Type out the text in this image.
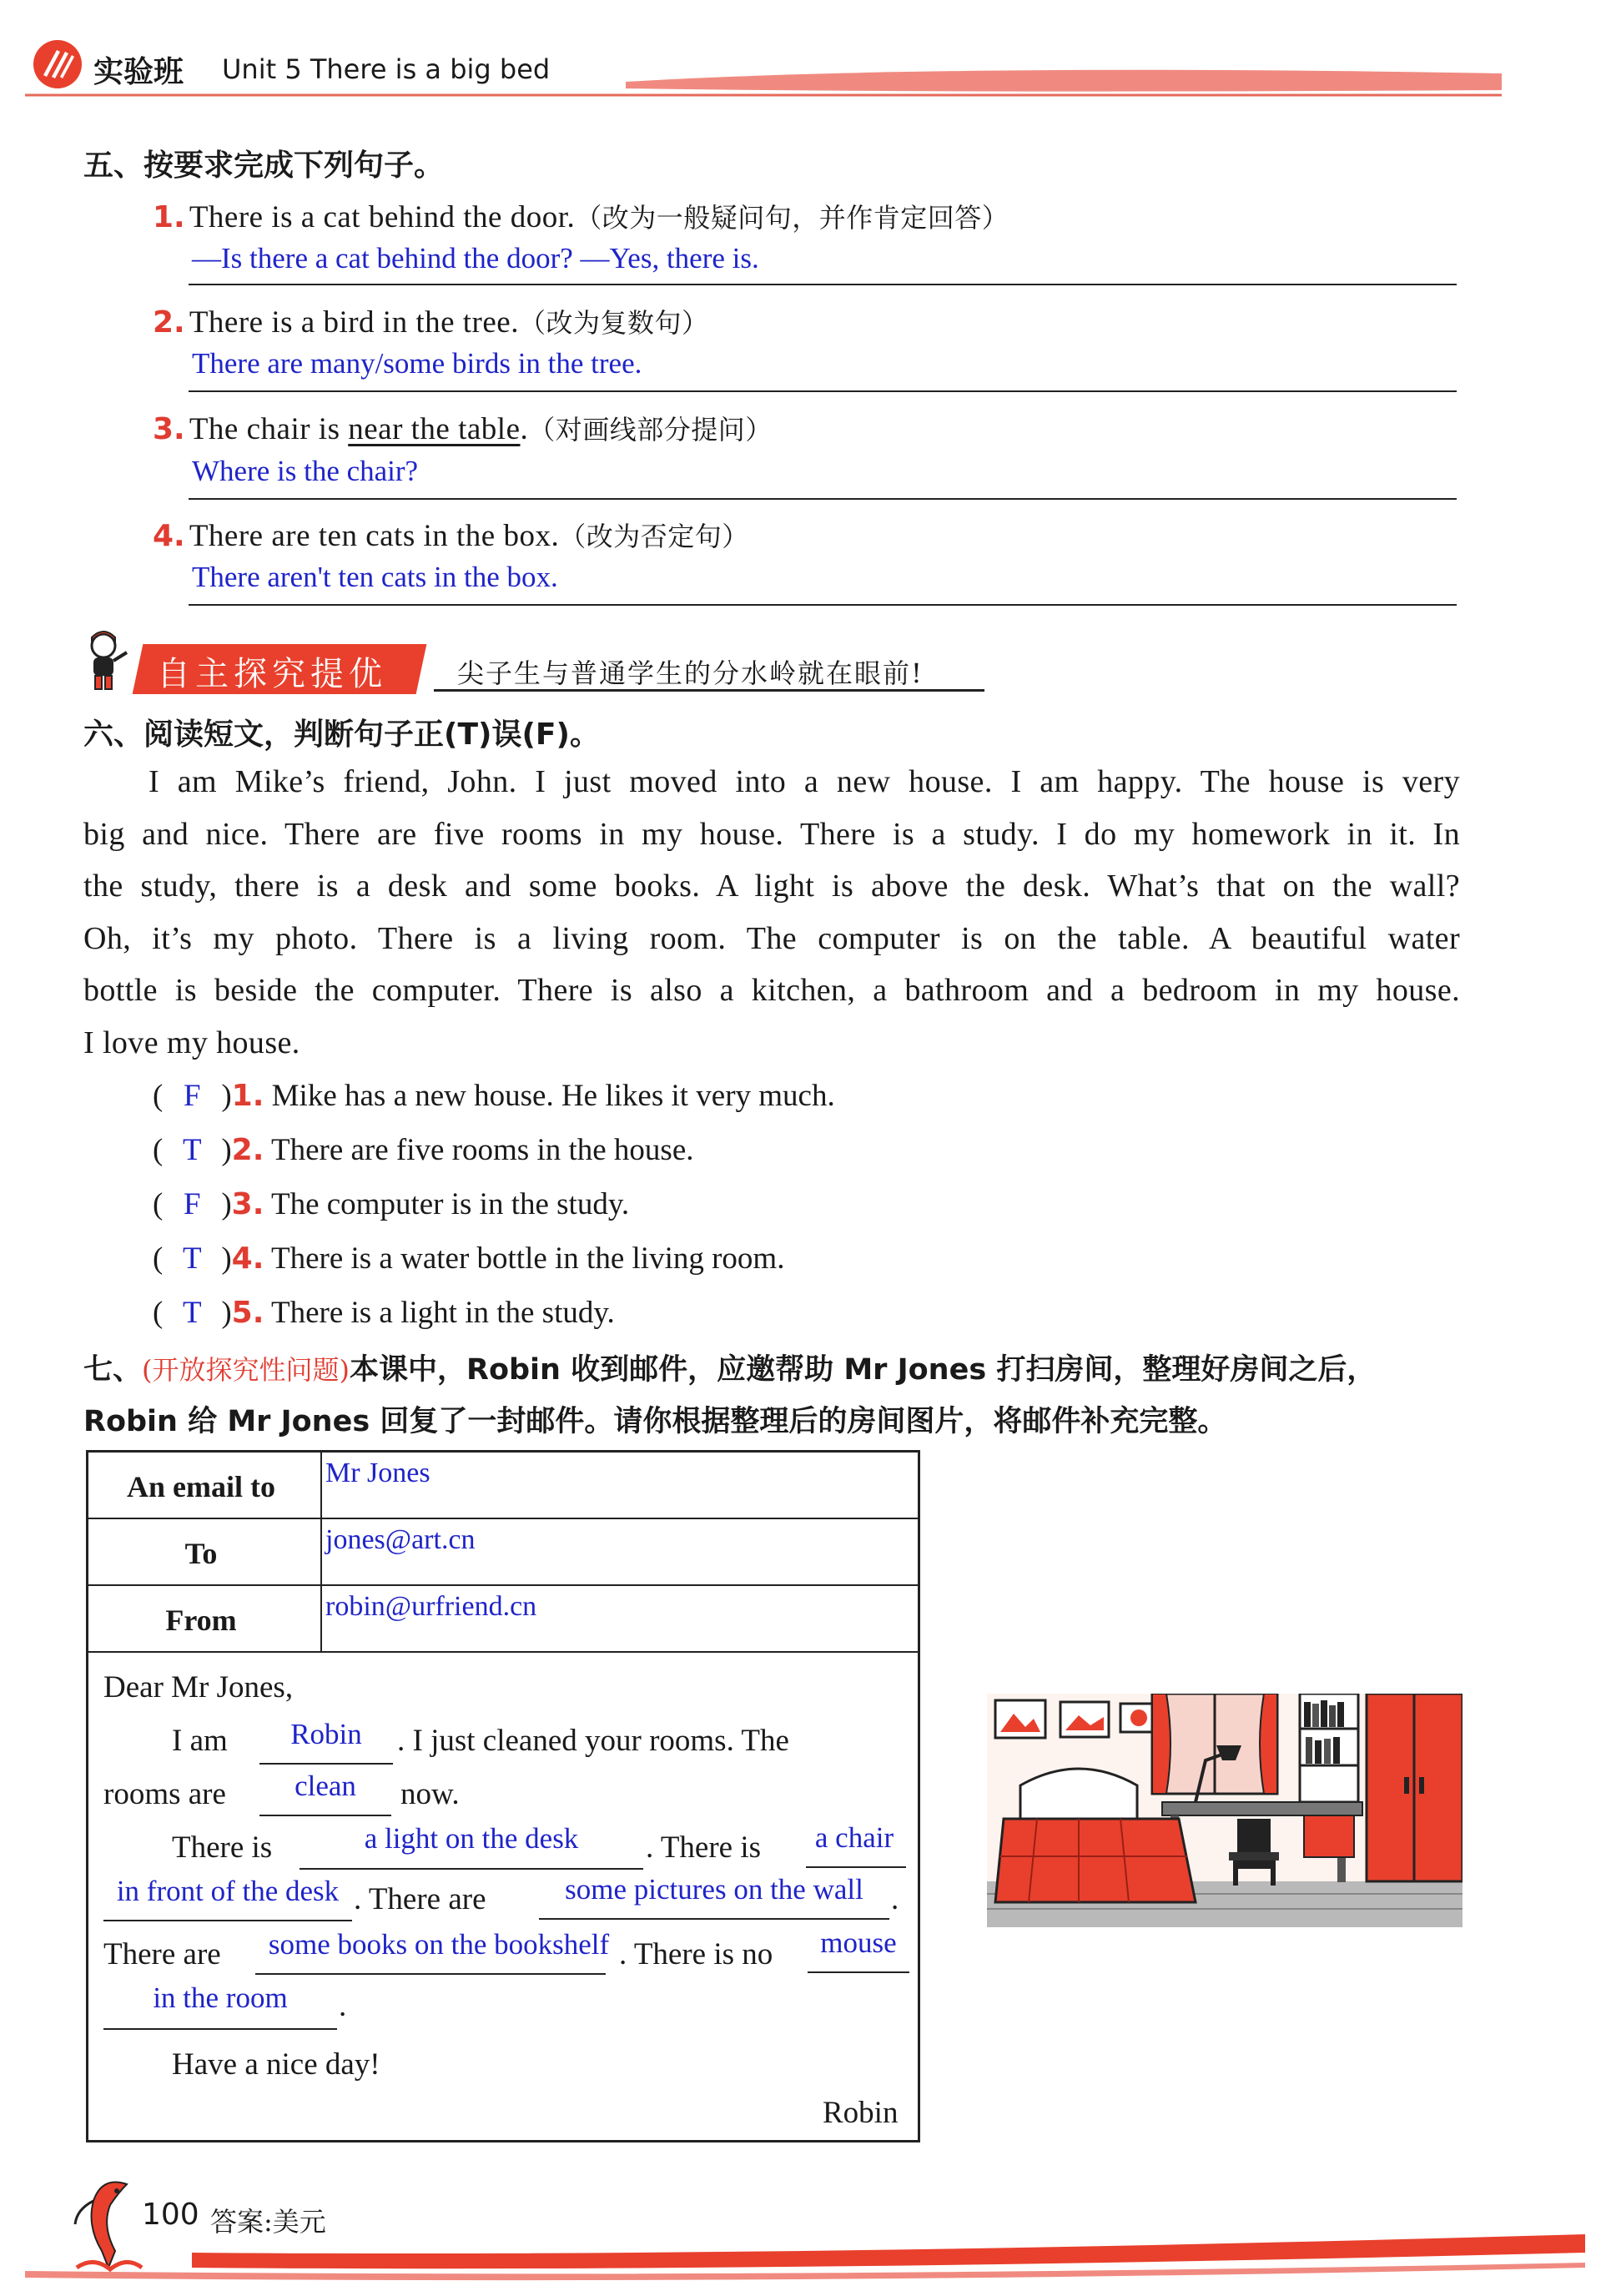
实验班 Unit 5 There is a big bed
五、按要求完成下列句子。
1. There is a cat behind the door.（改为一般疑问句，并作肯定回答）
—Is there a cat behind the door? —Yes, there is.
2. There is a bird in the tree.（改为复数句）
There are many/some birds in the tree.
3. The chair is near the table.（对画线部分提问）
Where is the chair?
4. There are ten cats in the box.（改为否定句）
There aren't ten cats in the box.
自主探究提优	尖子生与普通学生的分水岭就在眼前!
六、阅读短文，判断句子正(T)误(F)。
I am Mike’s friend, John. I just moved into a new house. I am happy. The house is very
big and nice. There are five rooms in my house. There is a study. I do my homework in it. In
the study, there is a desk and some books. A light is above the desk. What’s that on the wall?
Oh, it’s my photo. There is a living room. The computer is on the table. A beautiful water
bottle is beside the computer. There is also a kitchen, a bathroom and a bedroom in my house.
I love my house.
( F )1. Mike has a new house. He likes it very much.
( T )2. There are five rooms in the house.
( F )3. The computer is in the study.
( T )4. There is a water bottle in the living room.
( T )5. There is a light in the study.
七、(开放探究性问题)本课中，Robin 收到邮件，应邀帮助 Mr Jones 打扫房间，整理好房间之后，
Robin 给 Mr Jones 回复了一封邮件。请你根据整理后的房间图片，将邮件补充完整。
An email to	Mr Jones
To	jones@art.cn
From	robin@urfriend.cn
Dear Mr Jones,
I am	Robin	. I just cleaned your rooms. The
rooms are	clean	now.
There is	a light on the desk	. There is	a chair
in front of the desk . There are	some pictures on the wall .
There are	some books on the bookshelf . There is no	mouse
in the room	.
Have a nice day!
Robin
100 答案:美元
